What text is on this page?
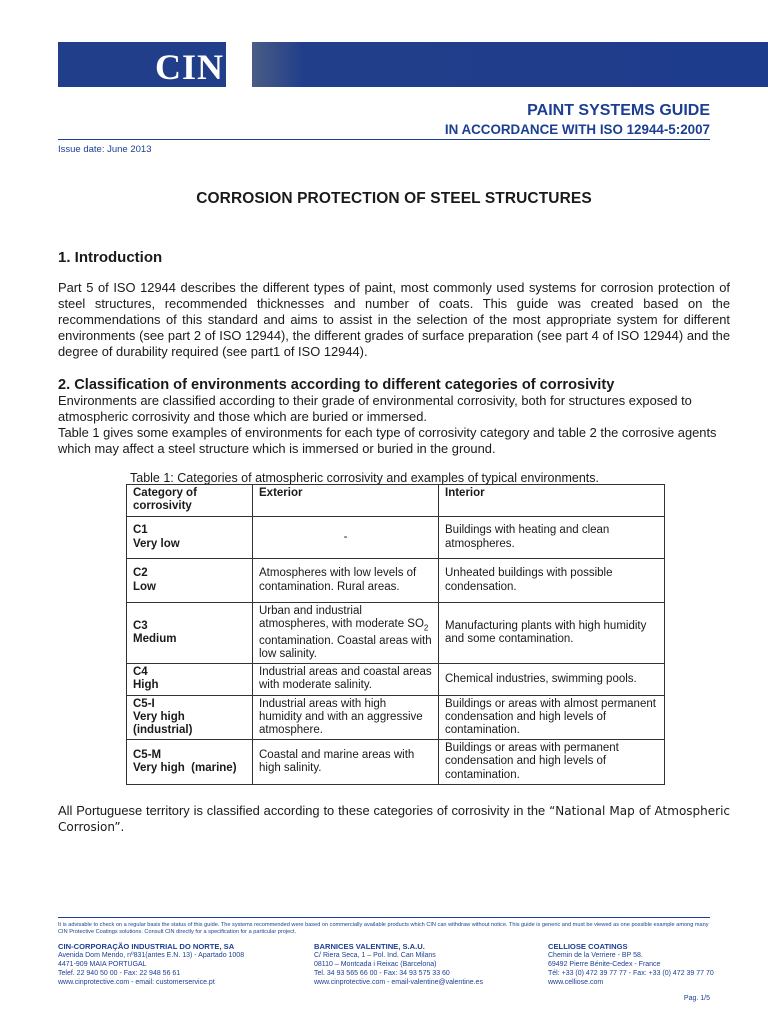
CIN
PAINT SYSTEMS GUIDE
IN ACCORDANCE WITH ISO 12944-5:2007
Issue date: June 2013
CORROSION PROTECTION OF STEEL STRUCTURES
1. Introduction
Part 5 of ISO 12944 describes the different types of paint, most commonly used systems for corrosion protection of steel structures, recommended thicknesses and number of coats. This guide was created based on the recommendations of this standard and aims to assist in the selection of the most appropriate system for different environments (see part 2 of ISO 12944), the different grades of surface preparation (see part 4 of ISO 12944) and the degree of durability required (see part1 of ISO 12944).
2. Classification of environments according to different categories of corrosivity
Environments are classified according to their grade of environmental corrosivity, both for structures exposed to atmospheric corrosivity and those which are buried or immersed.
Table 1 gives some examples of environments for each type of corrosivity category and table 2 the corrosive agents which may affect a steel structure which is immersed or buried in the ground.
Table 1: Categories of atmospheric corrosivity and examples of typical environments.
Category of corrosivity	Exterior	Interior

C1
Very low	-	Buildings with heating and clean atmospheres.

C2
Low	Atmospheres with low levels of contamination. Rural areas.	Unheated buildings with possible condensation.

C3
Medium	Urban and industrial atmospheres, with moderate $SO_2$ contamination. Coastal areas with low salinity.	Manufacturing plants with high humidity and some contamination.

C4
High	Industrial areas and coastal areas with moderate salinity.	Chemical industries, swimming pools.

C5-I
Very high
(industrial)	Industrial areas with high humidity and with an aggressive atmosphere.	Buildings or areas with almost permanent condensation and high levels of contamination.

C5-M
Very high  (marine)	Coastal and marine areas with high salinity.	Buildings or areas with permanent condensation and high levels of contamination.
All Portuguese territory is classified according to these categories of corrosivity in the “National Map of Atmospheric Corrosion”.
It is advisable to check on a regular basis the status of this guide. The systems recommended were based on commercially available products which CIN can withdraw without notice. This guide is generic and must be viewed as one possible example among many CIN Protective Coatings solutions. Consult CIN directly for a specification for a particular project.
CIN-CORPORAÇÃO INDUSTRIAL DO NORTE, SA
Avenida Dom Mendo, nº831(antes E.N. 13) - Apartado 1008
4471-909 MAIA PORTUGAL
Telef. 22 940 50 00 - Fax: 22 948 56 61
www.cinprotective.com - email: customerservice.pt
BARNICES VALENTINE, S.A.U.
C/ Riera Seca, 1 – Pol. Ind. Can Milans
08110 – Montcada i Reixac (Barcelona)
Tel. 34 93 565 66 00 - Fax: 34 93 575 33 60
www.cinprotective.com - email-valentine@valentine.es
CELLIOSE COATINGS
Chemin de la Verriere - BP 58.
69492 Pierre Bénite-Cedex - France
Tél: +33 (0) 472 39 77 77 - Fax: +33 (0) 472 39 77 70
www.celliose.com
Pag. 1/5
